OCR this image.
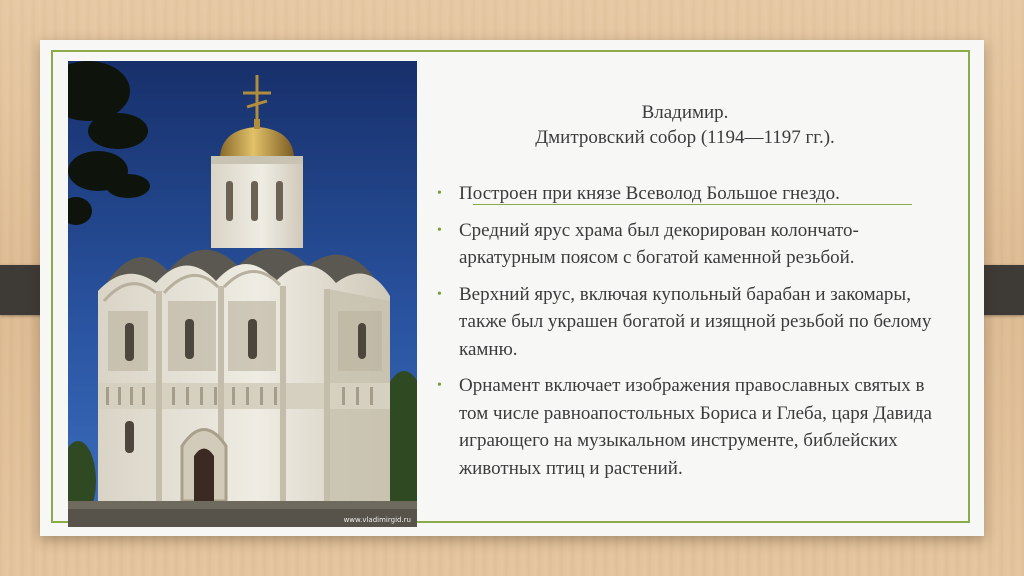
www.vladimirgid.ru
Владимир.
Дмитровский собор (1194—1197 гг.).
• Построен при князе Всеволод Большое гнездо.
• Средний ярус храма был декорирован колончато-аркатурным поясом с богатой каменной резьбой.
• Верхний ярус, включая купольный барабан и закомары, также был украшен богатой и изящной резьбой по белому камню.
• Орнамент включает изображения православных святых в том числе равноапостольных Бориса и Глеба, царя Давида играющего на музыкальном инструменте, библейских животных птиц и растений.
